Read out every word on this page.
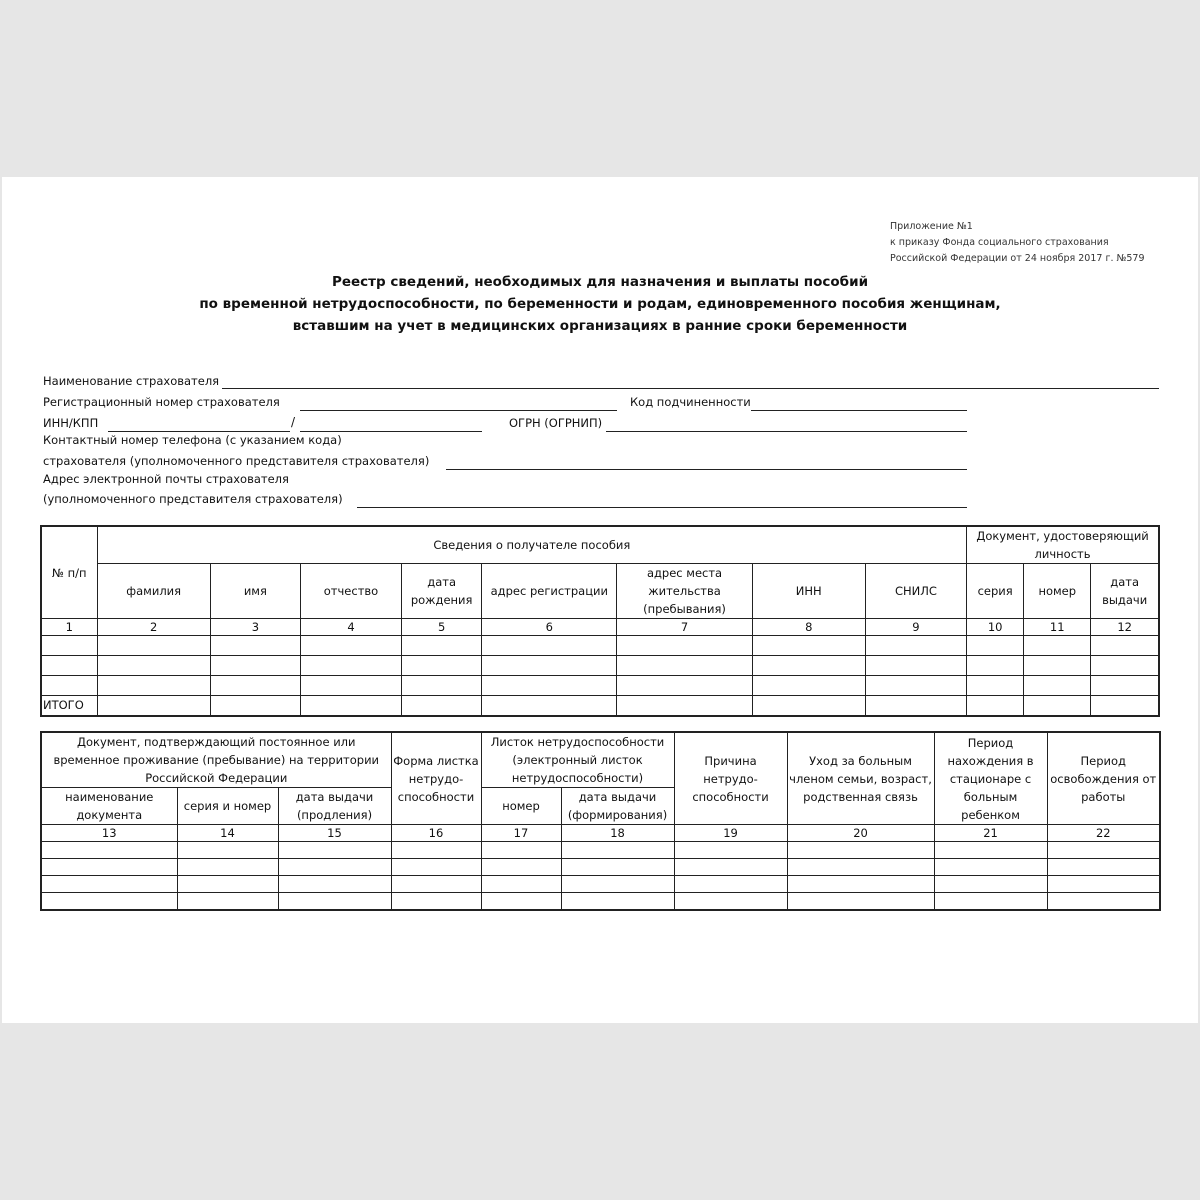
Приложение №1
к приказу Фонда социального страхования
Российской Федерации от 24 ноября 2017 г. №579
Реестр сведений, необходимых для назначения и выплаты пособий
по временной нетрудоспособности, по беременности и родам, единовременного пособия женщинам,
вставшим на учет в медицинских организациях в ранние сроки беременности
Наименование страхователя
Регистрационный номер страхователя	Код подчиненности
ИНН/КПП	/	ОГРН (ОГРНИП)
Контактный номер телефона (с указанием кода)
страхователя (уполномоченного представителя страхователя)
Адрес электронной почты страхователя
(уполномоченного представителя страхователя)
№ п/п	Сведения о получателе пособия								Документ, удостоверяющий личность		
	фамилия	имя	отчество	дата рождения	адрес регистрации	адрес места жительства (пребывания)	ИНН	СНИЛС	серия	номер	дата выдачи
1	2	3	4	5	6	7	8	9	10	11	12

ИТОГО											
Документ, подтверждающий постоянное или временное проживание (пребывание) на территории Российской Федерации			Форма листка нетрудо- способности	Листок нетрудоспособности (электронный листок нетрудоспособности)		Причина нетрудо- способности	Уход за больным членом семьи, возраст, родственная связь	Период нахождения в стационаре с больным ребенком	Период освобождения от работы
наименование документа	серия и номер	дата выдачи (продления)		номер	дата выдачи (формирования)				
13	14	15	16	17	18	19	20	21	22
